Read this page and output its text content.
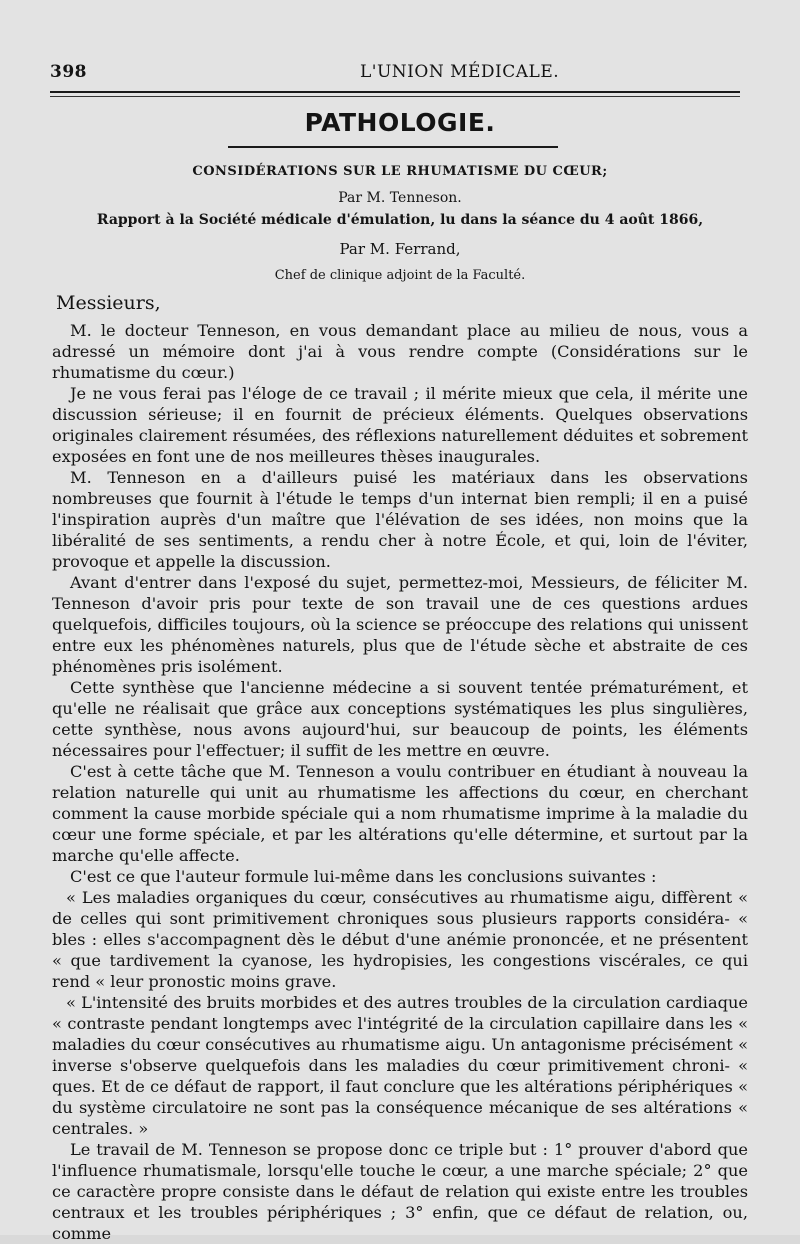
398	L'UNION MÉDICALE.
PATHOLOGIE.
CONSIDÉRATIONS SUR LE RHUMATISME DU CŒUR;
Par M. Tenneson.
Rapport à la Société médicale d'émulation, lu dans la séance du 4 août 1866,
Par M. Ferrand,
Chef de clinique adjoint de la Faculté.
Messieurs,

M. le docteur Tenneson, en vous demandant place au milieu de nous, vous a adressé un mémoire dont j'ai à vous rendre compte (Considérations sur le rhumatisme du cœur.)

Je ne vous ferai pas l'éloge de ce travail ; il mérite mieux que cela, il mérite une discussion sérieuse; il en fournit de précieux éléments. Quelques observations originales clairement résumées, des réflexions naturellement déduites et sobrement exposées en font une de nos meilleures thèses inaugurales.

M. Tenneson en a d'ailleurs puisé les matériaux dans les observations nombreuses que fournit à l'étude le temps d'un internat bien rempli; il en a puisé l'inspiration auprès d'un maître que l'élévation de ses idées, non moins que la libéralité de ses sentiments, a rendu cher à notre École, et qui, loin de l'éviter, provoque et appelle la discussion.

Avant d'entrer dans l'exposé du sujet, permettez-moi, Messieurs, de féliciter M. Tenneson d'avoir pris pour texte de son travail une de ces questions ardues quelquefois, difficiles toujours, où la science se préoccupe des relations qui unissent entre eux les phénomènes naturels, plus que de l'étude sèche et abstraite de ces phénomènes pris isolément.

Cette synthèse que l'ancienne médecine a si souvent tentée prématurément, et qu'elle ne réalisait que grâce aux conceptions systématiques les plus singulières, cette synthèse, nous avons aujourd'hui, sur beaucoup de points, les éléments nécessaires pour l'effectuer; il suffit de les mettre en œuvre.

C'est à cette tâche que M. Tenneson a voulu contribuer en étudiant à nouveau la relation naturelle qui unit au rhumatisme les affections du cœur, en cherchant comment la cause morbide spéciale qui a nom rhumatisme imprime à la maladie du cœur une forme spéciale, et par les altérations qu'elle détermine, et surtout par la marche qu'elle affecte.

C'est ce que l'auteur formule lui-même dans les conclusions suivantes :

« Les maladies organiques du cœur, consécutives au rhumatisme aigu, diffèrent « de celles qui sont primitivement chroniques sous plusieurs rapports considéra- « bles : elles s'accompagnent dès le début d'une anémie prononcée, et ne présentent « que tardivement la cyanose, les hydropisies, les congestions viscérales, ce qui rend « leur pronostic moins grave.

« L'intensité des bruits morbides et des autres troubles de la circulation cardiaque « contraste pendant longtemps avec l'intégrité de la circulation capillaire dans les « maladies du cœur consécutives au rhumatisme aigu. Un antagonisme précisément « inverse s'observe quelquefois dans les maladies du cœur primitivement chroni- « ques. Et de ce défaut de rapport, il faut conclure que les altérations périphériques « du système circulatoire ne sont pas la conséquence mécanique de ses altérations « centrales. »

Le travail de M. Tenneson se propose donc ce triple but : 1° prouver d'abord que l'influence rhumatismale, lorsqu'elle touche le cœur, a une marche spéciale; 2° que ce caractère propre consiste dans le défaut de relation qui existe entre les troubles centraux et les troubles périphériques ; 3° enfin, que ce défaut de relation, ou, comme
